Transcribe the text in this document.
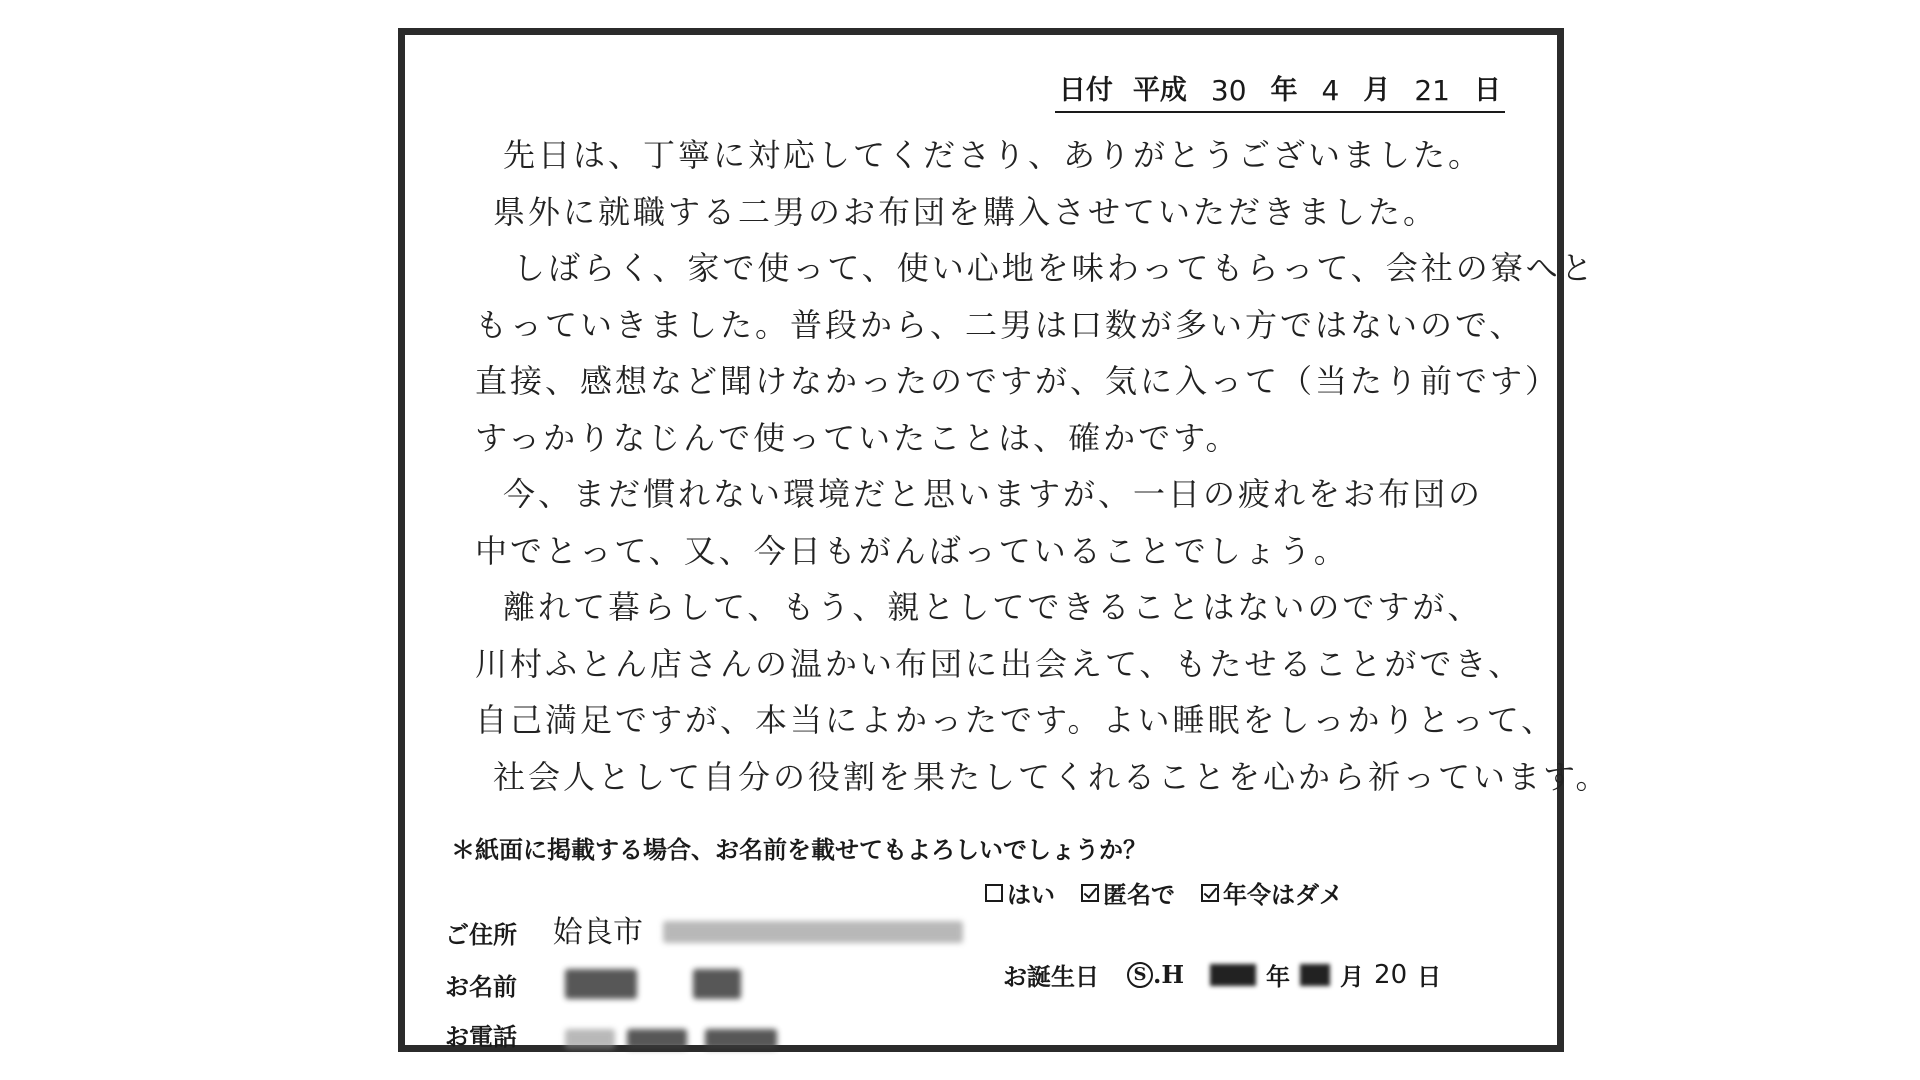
日付 平成 30 年 4 月 21 日
先日は、丁寧に対応してくださり、ありがとうございました。
県外に就職する二男のお布団を購入させていただきました。
しばらく、家で使って、使い心地を味わってもらって、会社の寮へと
もっていきました。普段から、二男は口数が多い方ではないので、
直接、感想など聞けなかったのですが、気に入って（当たり前です）
すっかりなじんで使っていたことは、確かです。
今、まだ慣れない環境だと思いますが、一日の疲れをお布団の
中でとって、又、今日もがんばっていることでしょう。
離れて暮らして、もう、親としてできることはないのですが、
川村ふとん店さんの温かい布団に出会えて、もたせることができ、
自己満足ですが、本当によかったです。よい睡眠をしっかりとって、
社会人として自分の役割を果たしてくれることを心から祈っています。
＊紙面に掲載する場合、お名前を載せてもよろしいでしょうか？
はい 匿名で 年令はダメ
ご住所 姶良市
お名前
お電話
お誕生日	S .H	年 月 20 日
